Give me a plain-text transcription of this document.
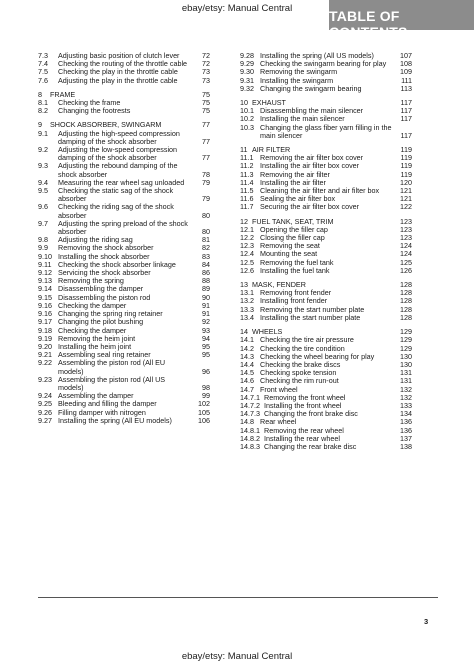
ebay/etsy: Manual Central	TABLE OF CONTENTS
7.3 Adjusting basic position of clutch lever	72
7.4 Checking the routing of the throttle cable	72
7.5 Checking the play in the throttle cable	73
7.6 Adjusting the play in the throttle cable	73
8 FRAME	75
8.1 Checking the frame	75
8.2 Changing the footrests	75
9 SHOCK ABSORBER, SWINGARM	77
9.1 Adjusting the high-speed compression damping of the shock absorber	77
9.2 Adjusting the low-speed compression damping of the shock absorber	77
9.3 Adjusting the rebound damping of the shock absorber	78
9.4 Measuring the rear wheel sag unloaded	79
9.5 Checking the static sag of the shock absorber	79
9.6 Checking the riding sag of the shock absorber	80
9.7 Adjusting the spring preload of the shock absorber	80
9.8 Adjusting the riding sag	81
9.9 Removing the shock absorber	82
9.10 Installing the shock absorber	83
9.11 Checking the shock absorber linkage	84
9.12 Servicing the shock absorber	86
9.13 Removing the spring	88
9.14 Disassembling the damper	89
9.15 Disassembling the piston rod	90
9.16 Checking the damper	91
9.16 Changing the spring ring retainer	91
9.17 Changing the pilot bushing	92
9.18 Checking the damper	93
9.19 Removing the heim joint	94
9.20 Installing the heim joint	95
9.21 Assembling seal ring retainer	95
9.22 Assembling the piston rod (All EU models)	96
9.23 Assembling the piston rod (All US models)	98
9.24 Assembling the damper	99
9.25 Bleeding and filling the damper	102
9.26 Filling damper with nitrogen	105
9.27 Installing the spring (All EU models)	106
9.28 Installing the spring (All US models)	107
9.29 Checking the swingarm bearing for play	108
9.30 Removing the swingarm	109
9.31 Installing the swingarm	111
9.32 Changing the swingarm bearing	113
10 EXHAUST	117
10.1 Disassembling the main silencer	117
10.2 Installing the main silencer	117
10.3 Changing the glass fiber yarn filling in the main silencer	117
11 AIR FILTER	119
11.1 Removing the air filter box cover	119
11.2 Installing the air filter box cover	119
11.3 Removing the air filter	119
11.4 Installing the air filter	120
11.5 Cleaning the air filter and air filter box	121
11.6 Sealing the air filter box	121
11.7 Securing the air filter box cover	122
12 FUEL TANK, SEAT, TRIM	123
12.1 Opening the filler cap	123
12.2 Closing the filler cap	123
12.3 Removing the seat	124
12.4 Mounting the seat	124
12.5 Removing the fuel tank	125
12.6 Installing the fuel tank	126
13 MASK, FENDER	128
13.1 Removing front fender	128
13.2 Installing front fender	128
13.3 Removing the start number plate	128
13.4 Installing the start number plate	128
14 WHEELS	129
14.1 Checking the tire air pressure	129
14.2 Checking the tire condition	129
14.3 Checking the wheel bearing for play	130
14.4 Checking the brake discs	130
14.5 Checking spoke tension	131
14.6 Checking the rim run-out	131
14.7 Front wheel	132
14.7.1 Removing the front wheel	132
14.7.2 Installing the front wheel	133
14.7.3 Changing the front brake disc	134
14.8 Rear wheel	136
14.8.1 Removing the rear wheel	136
14.8.2 Installing the rear wheel	137
14.8.3 Changing the rear brake disc	138
3
ebay/etsy: Manual Central
